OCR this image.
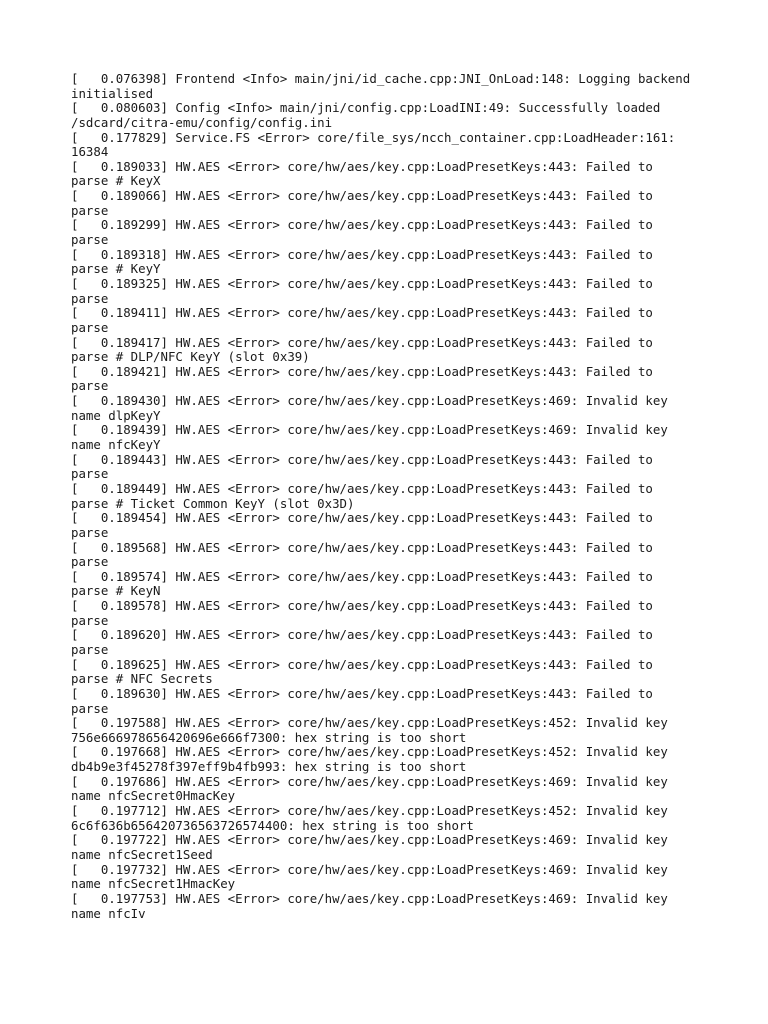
[   0.076398] Frontend <Info> main/jni/id_cache.cpp:JNI_OnLoad:148: Logging backend
initialised
[   0.080603] Config <Info> main/jni/config.cpp:LoadINI:49: Successfully loaded
/sdcard/citra-emu/config/config.ini
[   0.177829] Service.FS <Error> core/file_sys/ncch_container.cpp:LoadHeader:161:
16384
[   0.189033] HW.AES <Error> core/hw/aes/key.cpp:LoadPresetKeys:443: Failed to
parse # KeyX
[   0.189066] HW.AES <Error> core/hw/aes/key.cpp:LoadPresetKeys:443: Failed to
parse
[   0.189299] HW.AES <Error> core/hw/aes/key.cpp:LoadPresetKeys:443: Failed to
parse
[   0.189318] HW.AES <Error> core/hw/aes/key.cpp:LoadPresetKeys:443: Failed to
parse # KeyY
[   0.189325] HW.AES <Error> core/hw/aes/key.cpp:LoadPresetKeys:443: Failed to
parse
[   0.189411] HW.AES <Error> core/hw/aes/key.cpp:LoadPresetKeys:443: Failed to
parse
[   0.189417] HW.AES <Error> core/hw/aes/key.cpp:LoadPresetKeys:443: Failed to
parse # DLP/NFC KeyY (slot 0x39)
[   0.189421] HW.AES <Error> core/hw/aes/key.cpp:LoadPresetKeys:443: Failed to
parse
[   0.189430] HW.AES <Error> core/hw/aes/key.cpp:LoadPresetKeys:469: Invalid key
name dlpKeyY
[   0.189439] HW.AES <Error> core/hw/aes/key.cpp:LoadPresetKeys:469: Invalid key
name nfcKeyY
[   0.189443] HW.AES <Error> core/hw/aes/key.cpp:LoadPresetKeys:443: Failed to
parse
[   0.189449] HW.AES <Error> core/hw/aes/key.cpp:LoadPresetKeys:443: Failed to
parse # Ticket Common KeyY (slot 0x3D)
[   0.189454] HW.AES <Error> core/hw/aes/key.cpp:LoadPresetKeys:443: Failed to
parse
[   0.189568] HW.AES <Error> core/hw/aes/key.cpp:LoadPresetKeys:443: Failed to
parse
[   0.189574] HW.AES <Error> core/hw/aes/key.cpp:LoadPresetKeys:443: Failed to
parse # KeyN
[   0.189578] HW.AES <Error> core/hw/aes/key.cpp:LoadPresetKeys:443: Failed to
parse
[   0.189620] HW.AES <Error> core/hw/aes/key.cpp:LoadPresetKeys:443: Failed to
parse
[   0.189625] HW.AES <Error> core/hw/aes/key.cpp:LoadPresetKeys:443: Failed to
parse # NFC Secrets
[   0.189630] HW.AES <Error> core/hw/aes/key.cpp:LoadPresetKeys:443: Failed to
parse
[   0.197588] HW.AES <Error> core/hw/aes/key.cpp:LoadPresetKeys:452: Invalid key
756e666978656420696e666f7300: hex string is too short
[   0.197668] HW.AES <Error> core/hw/aes/key.cpp:LoadPresetKeys:452: Invalid key
db4b9e3f45278f397eff9b4fb993: hex string is too short
[   0.197686] HW.AES <Error> core/hw/aes/key.cpp:LoadPresetKeys:469: Invalid key
name nfcSecret0HmacKey
[   0.197712] HW.AES <Error> core/hw/aes/key.cpp:LoadPresetKeys:452: Invalid key
6c6f636b656420736563726574400: hex string is too short
[   0.197722] HW.AES <Error> core/hw/aes/key.cpp:LoadPresetKeys:469: Invalid key
name nfcSecret1Seed
[   0.197732] HW.AES <Error> core/hw/aes/key.cpp:LoadPresetKeys:469: Invalid key
name nfcSecret1HmacKey
[   0.197753] HW.AES <Error> core/hw/aes/key.cpp:LoadPresetKeys:469: Invalid key
name nfcIv
